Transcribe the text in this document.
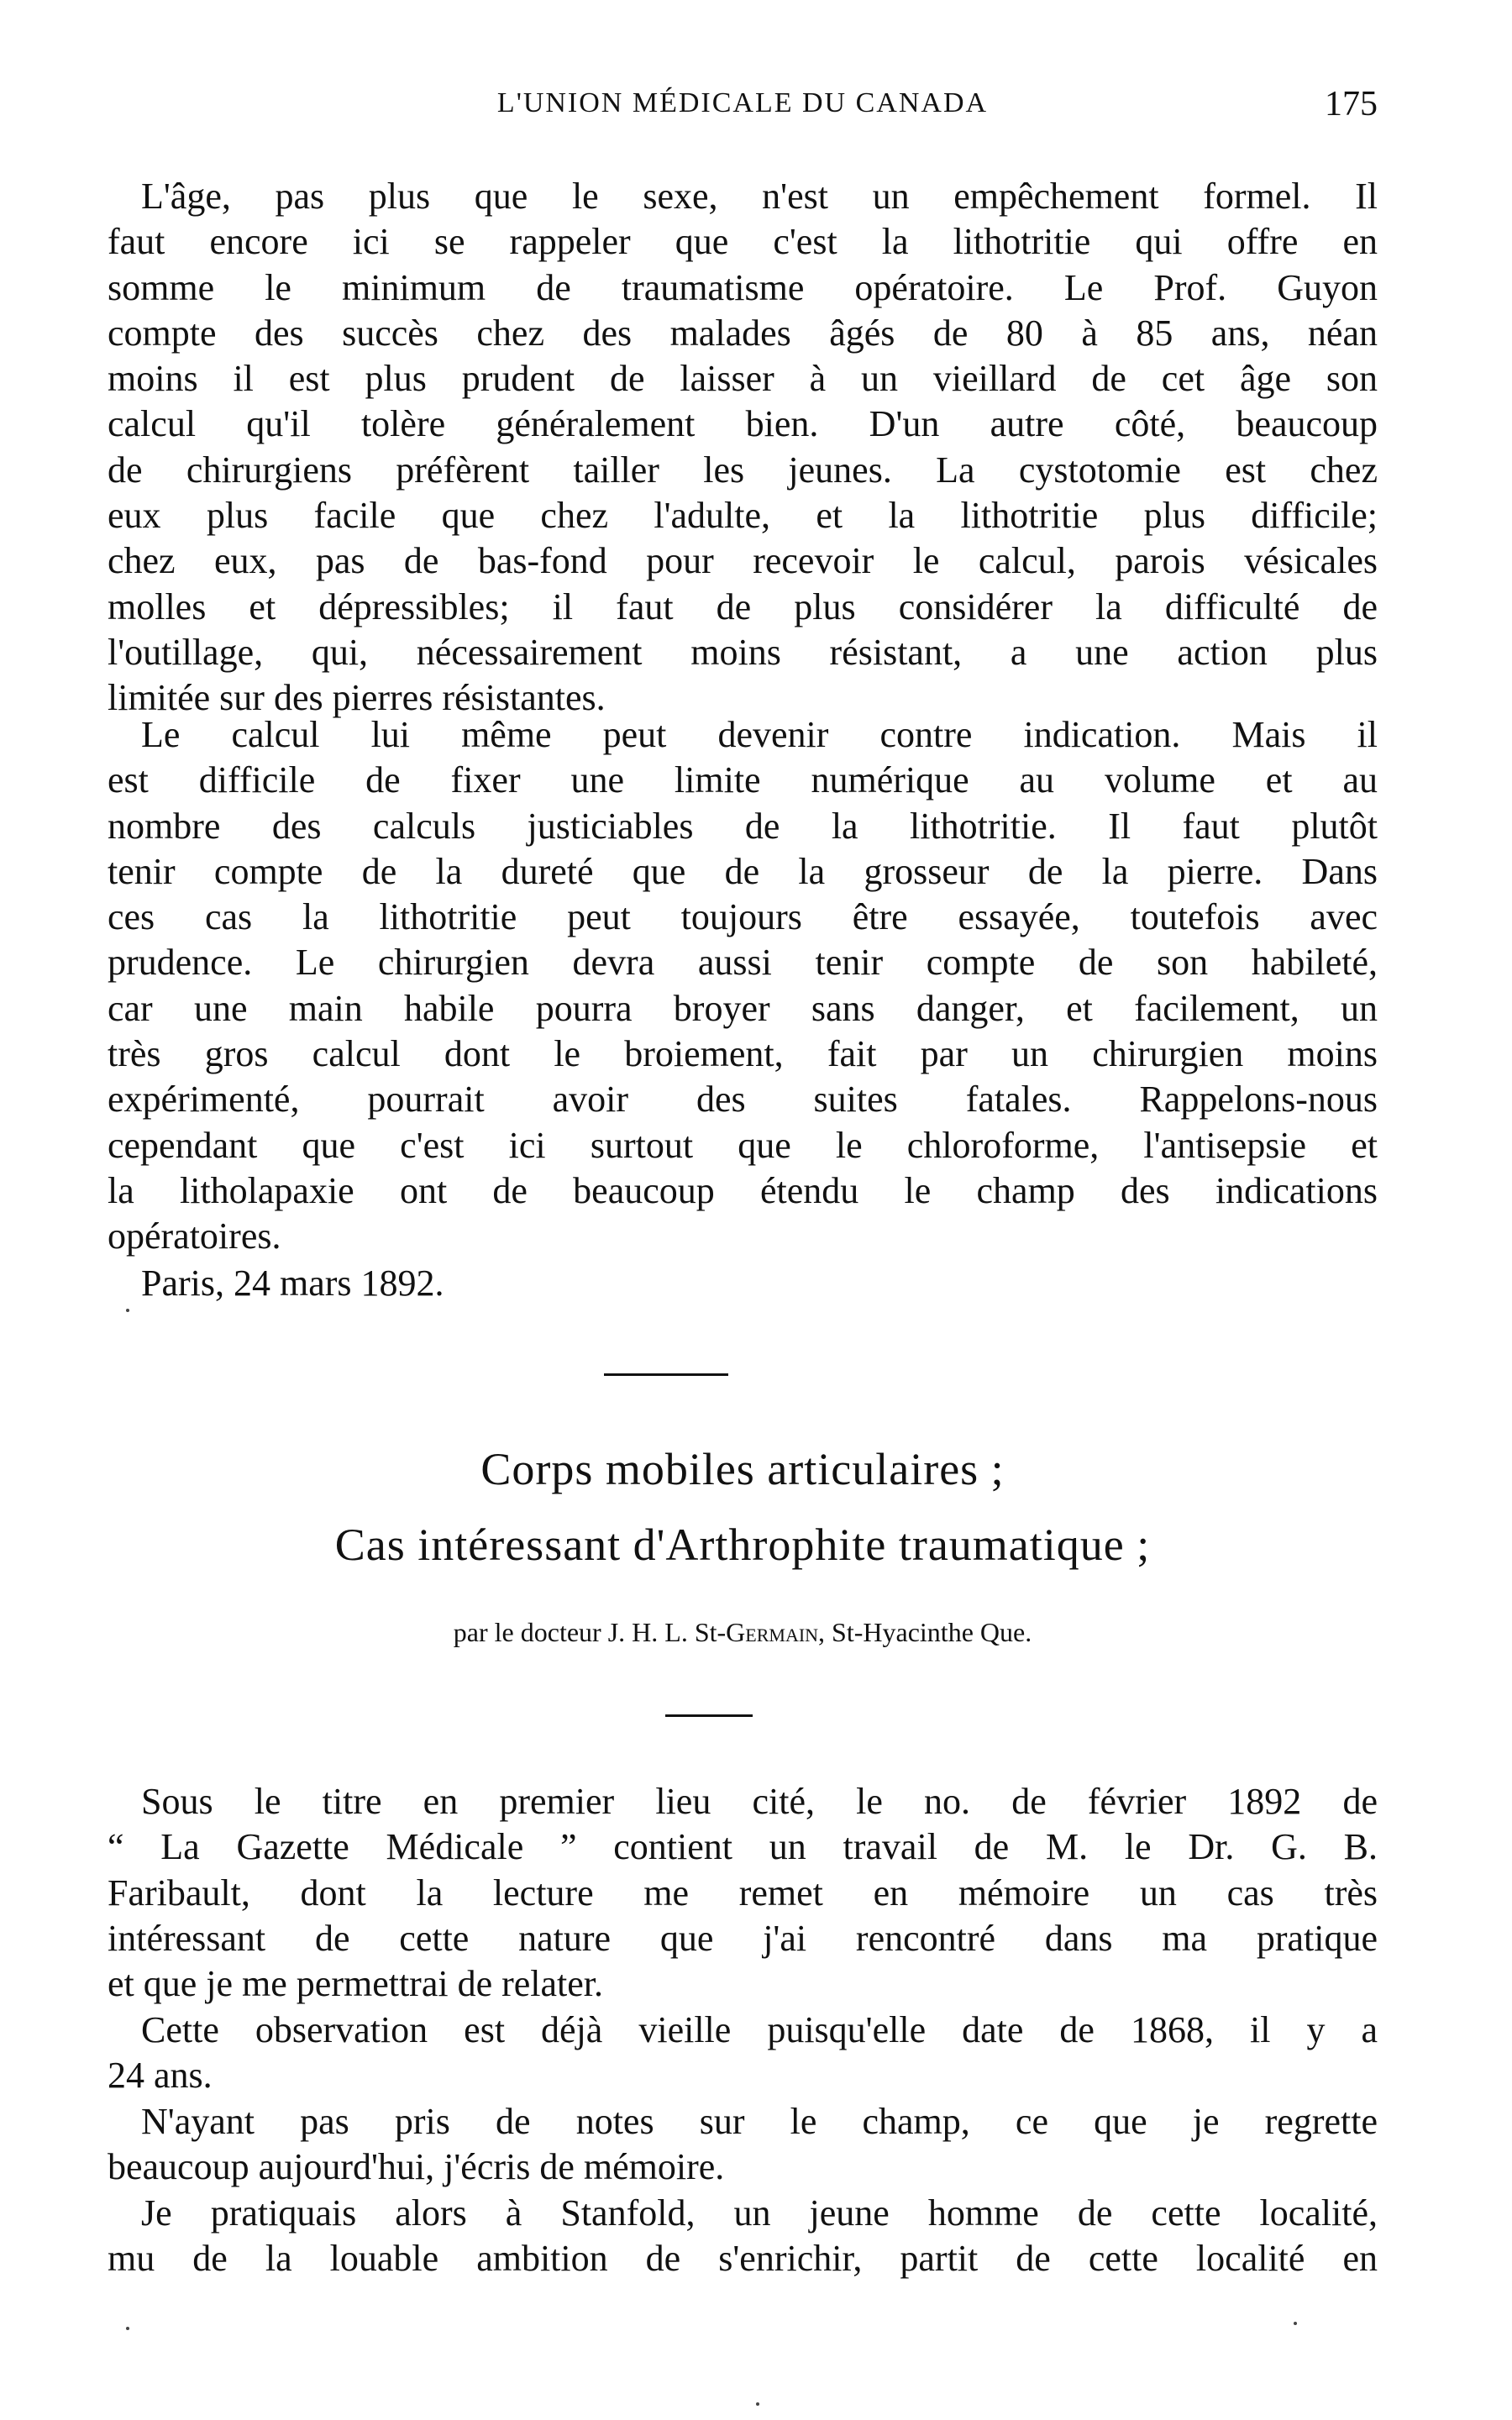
L'UNION MÉDICALE DU CANADA	175
L'âge, pas plus que le sexe, n'est un empêchement formel. Il
faut encore ici se rappeler que c'est la lithotritie qui offre en
somme le minimum de traumatisme opératoire. Le Prof. Guyon
compte des succès chez des malades âgés de 80 à 85 ans, néan
moins il est plus prudent de laisser à un vieillard de cet âge son
calcul qu'il tolère généralement bien. D'un autre côté, beaucoup
de chirurgiens préfèrent tailler les jeunes. La cystotomie est chez
eux plus facile que chez l'adulte, et la lithotritie plus difficile;
chez eux, pas de bas-fond pour recevoir le calcul, parois vésicales
molles et dépressibles; il faut de plus considérer la difficulté de
l'outillage, qui, nécessairement moins résistant, a une action plus
limitée sur des pierres résistantes.
Le calcul lui même peut devenir contre indication. Mais il
est difficile de fixer une limite numérique au volume et au
nombre des calculs justiciables de la lithotritie. Il faut plutôt
tenir compte de la dureté que de la grosseur de la pierre. Dans
ces cas la lithotritie peut toujours être essayée, toutefois avec
prudence. Le chirurgien devra aussi tenir compte de son habileté,
car une main habile pourra broyer sans danger, et facilement, un
très gros calcul dont le broiement, fait par un chirurgien moins
expérimenté, pourrait avoir des suites fatales. Rappelons-nous
cependant que c'est ici surtout que le chloroforme, l'antisepsie et
la litholapaxie ont de beaucoup étendu le champ des indications
opératoires.
Paris, 24 mars 1892.
Corps mobiles articulaires ;
Cas intéressant d'Arthrophite traumatique ;
par le docteur J. H. L. St-Germain, St-Hyacinthe Que.
Sous le titre en premier lieu cité, le no. de février 1892 de
“ La Gazette Médicale ” contient un travail de M. le Dr. G. B.
Faribault, dont la lecture me remet en mémoire un cas très
intéressant de cette nature que j'ai rencontré dans ma pratique
et que je me permettrai de relater.
Cette observation est déjà vieille puisqu'elle date de 1868, il y a
24 ans.
N'ayant pas pris de notes sur le champ, ce que je regrette
beaucoup aujourd'hui, j'écris de mémoire.
Je pratiquais alors à Stanfold, un jeune homme de cette localité,
mu de la louable ambition de s'enrichir, partit de cette localité en
